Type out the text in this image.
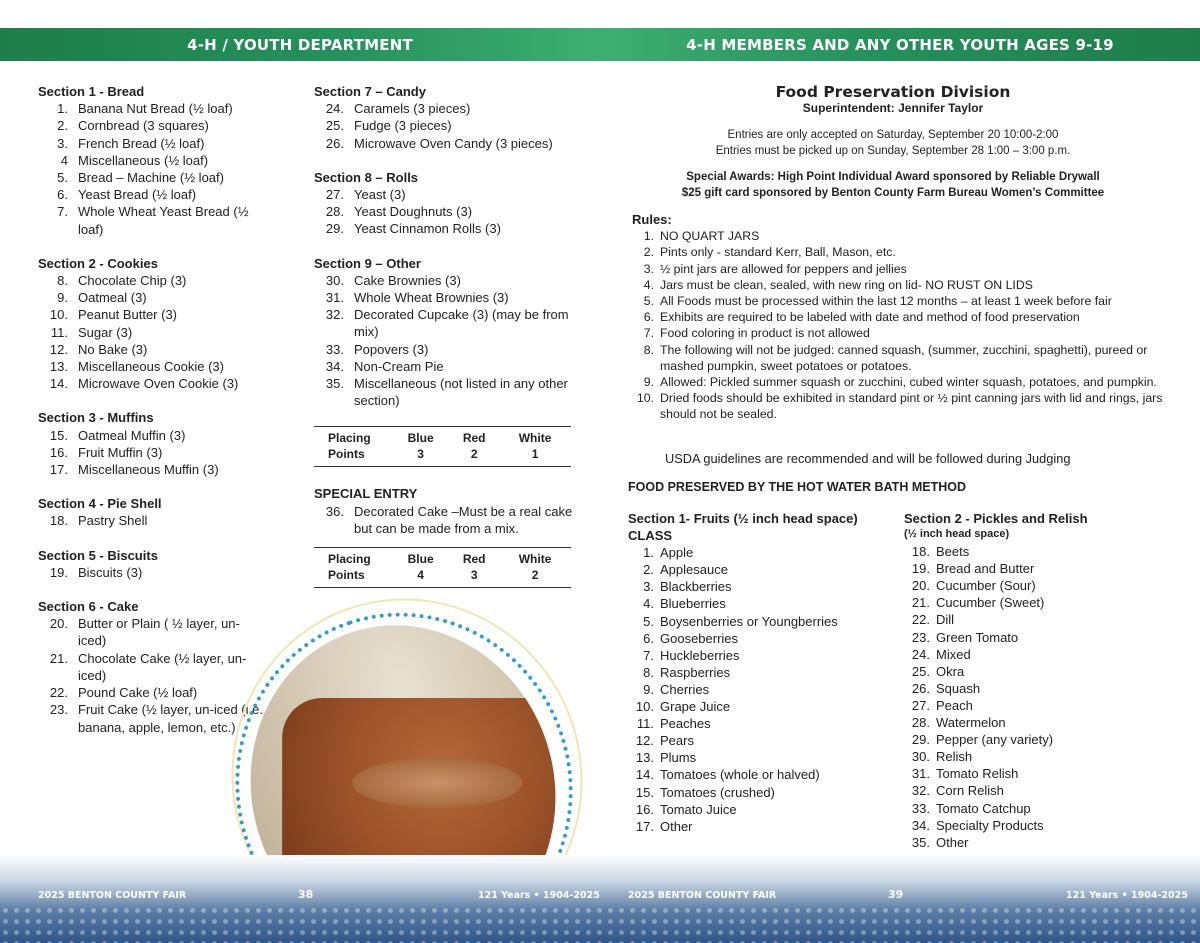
4-H / YOUTH DEPARTMENT	4-H MEMBERS AND ANY OTHER YOUTH AGES 9-19
Section 1 - Bread
1. Banana Nut Bread (½ loaf)
2. Cornbread (3 squares)
3. French Bread (½ loaf)
4 Miscellaneous (½ loaf)
5. Bread – Machine (½ loaf)
6. Yeast Bread (½ loaf)
7. Whole Wheat Yeast Bread (½ loaf)
Section 2 - Cookies
8. Chocolate Chip (3)
9. Oatmeal (3)
10. Peanut Butter (3)
11. Sugar (3)
12. No Bake (3)
13. Miscellaneous Cookie (3)
14. Microwave Oven Cookie (3)
Section 3 - Muffins
15. Oatmeal Muffin (3)
16. Fruit Muffin (3)
17. Miscellaneous Muffin (3)
Section 4 - Pie Shell
18. Pastry Shell
Section 5 - Biscuits
19. Biscuits (3)
Section 6 - Cake
20. Butter or Plain ( ½ layer, un-iced)
21. Chocolate Cake (½ layer, un-iced)
22. Pound Cake (½ loaf)
23. Fruit Cake (½ layer, un-iced (i.e. banana, apple, lemon, etc.)
Section 7 – Candy
24. Caramels (3 pieces)
25. Fudge (3 pieces)
26. Microwave Oven Candy (3 pieces)
Section 8 – Rolls
27. Yeast (3)
28. Yeast Doughnuts (3)
29. Yeast Cinnamon Rolls (3)
Section 9 – Other
30. Cake Brownies (3)
31. Whole Wheat Brownies (3)
32. Decorated Cupcake (3) (may be from mix)
33. Popovers (3)
34. Non-Cream Pie
35. Miscellaneous (not listed in any other section)
Placing	Blue	Red	White
Points	3	2	1
SPECIAL ENTRY
36. Decorated Cake –Must be a real cake but can be made from a mix.
Placing	Blue	Red	White
Points	4	3	2
Food Preservation Division
Superintendent: Jennifer Taylor
Entries are only accepted on Saturday, September 20 10:00-2:00
Entries must be picked up on Sunday, September 28 1:00 – 3:00 p.m.
Special Awards: High Point Individual Award sponsored by Reliable Drywall
$25 gift card sponsored by Benton County Farm Bureau Women’s Committee
Rules:
1. NO QUART JARS
2. Pints only - standard Kerr, Ball, Mason, etc.
3. ½ pint jars are allowed for peppers and jellies
4. Jars must be clean, sealed, with new ring on lid- NO RUST ON LIDS
5. All Foods must be processed within the last 12 months – at least 1 week before fair
6. Exhibits are required to be labeled with date and method of food preservation
7. Food coloring in product is not allowed
8. The following will not be judged: canned squash, (summer, zucchini, spaghetti), pureed or mashed pumpkin, sweet potatoes or potatoes.
9. Allowed: Pickled summer squash or zucchini, cubed winter squash, potatoes, and pumpkin.
10. Dried foods should be exhibited in standard pint or ½ pint canning jars with lid and rings, jars should not be sealed.
USDA guidelines are recommended and will be followed during Judging
FOOD PRESERVED BY THE HOT WATER BATH METHOD
Section 1- Fruits (½ inch head space)
CLASS
1. Apple
2. Applesauce
3. Blackberries
4. Blueberries
5. Boysenberries or Youngberries
6. Gooseberries
7. Huckleberries
8. Raspberries
9. Cherries
10. Grape Juice
11. Peaches
12. Pears
13. Plums
14. Tomatoes (whole or halved)
15. Tomatoes (crushed)
16. Tomato Juice
17. Other
Section 2 - Pickles and Relish
(½ inch head space)
18. Beets
19. Bread and Butter
20. Cucumber (Sour)
21. Cucumber (Sweet)
22. Dill
23. Green Tomato
24. Mixed
25. Okra
26. Squash
27. Peach
28. Watermelon
29. Pepper (any variety)
30. Relish
31. Tomato Relish
32. Corn Relish
33. Tomato Catchup
34. Specialty Products
35. Other
2025 BENTON COUNTY FAIR	38	121 Years • 1904-2025	2025 BENTON COUNTY FAIR	39	121 Years • 1904-2025
